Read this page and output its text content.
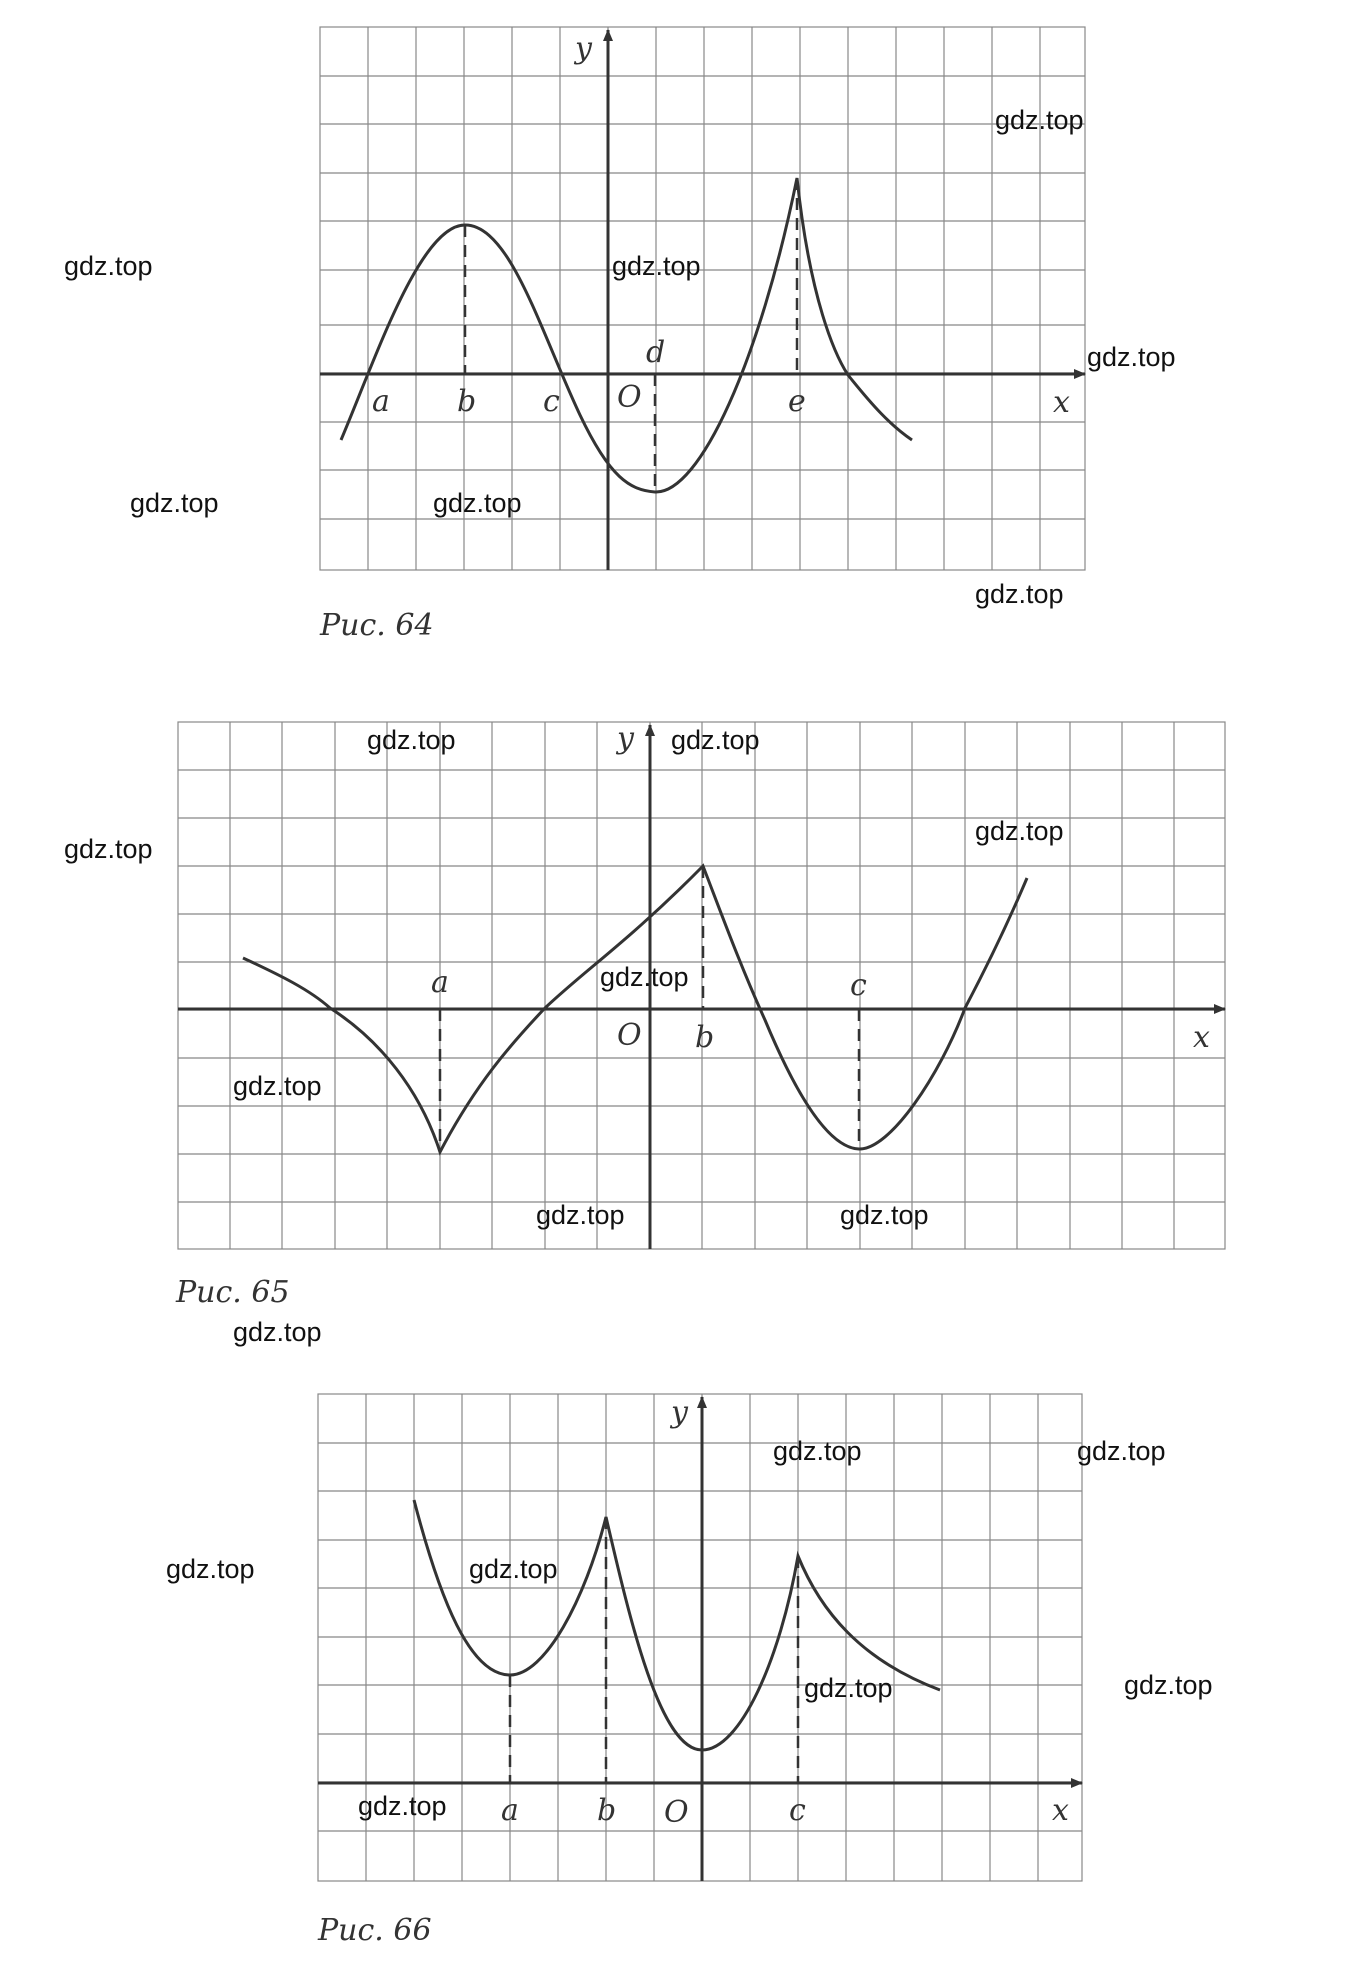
y
x
O
a b c
d
e
Рис. 64
y
x
O
a
b
c
Рис. 65
y
x
O
a	b	c
Рис. 66
gdz.top
gdz.top	gdz.top
gdz.top
gdz.top	gdz.top
gdz.top
gdz.top	gdz.top
gdz.top
gdz.top
gdz.top
gdz.top
gdz.top	gdz.top
gdz.top
gdz.top	gdz.top
gdz.top	gdz.top
gdz.top	gdz.top
gdz.top
